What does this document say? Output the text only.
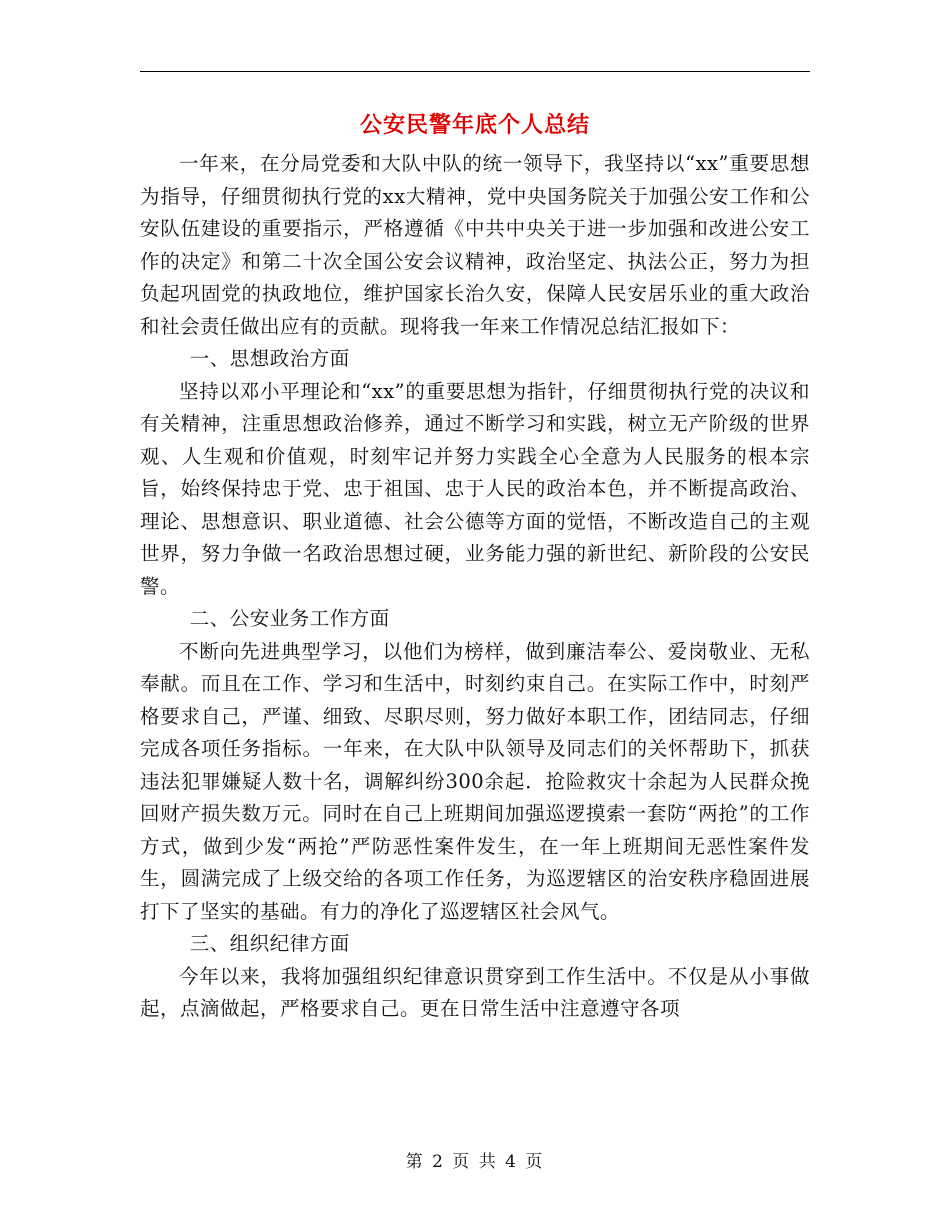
公安民警年底个人总结

一年来，在分局党委和大队中队的统一领导下，我坚持以“xx”重要思想为指导，仔细贯彻执行党的xx大精神，党中央国务院关于加强公安工作和公安队伍建设的重要指示，严格遵循《中共中央关于进一步加强和改进公安工作的决定》和第二十次全国公安会议精神，政治坚定、执法公正，努力为担负起巩固党的执政地位，维护国家长治久安，保障人民安居乐业的重大政治和社会责任做出应有的贡献。现将我一年来工作情况总结汇报如下：

一、思想政治方面

坚持以邓小平理论和“xx”的重要思想为指针，仔细贯彻执行党的决议和有关精神，注重思想政治修养，通过不断学习和实践，树立无产阶级的世界观、人生观和价值观，时刻牢记并努力实践全心全意为人民服务的根本宗旨，始终保持忠于党、忠于祖国、忠于人民的政治本色，并不断提高政治、理论、思想意识、职业道德、社会公德等方面的觉悟，不断改造自己的主观世界，努力争做一名政治思想过硬，业务能力强的新世纪、新阶段的公安民警。

二、公安业务工作方面

不断向先进典型学习，以他们为榜样，做到廉洁奉公、爱岗敬业、无私奉献。而且在工作、学习和生活中，时刻约束自己。在实际工作中，时刻严格要求自己，严谨、细致、尽职尽则，努力做好本职工作，团结同志，仔细完成各项任务指标。一年来，在大队中队领导及同志们的关怀帮助下，抓获违法犯罪嫌疑人数十名，调解纠纷300余起．抢险救灾十余起为人民群众挽回财产损失数万元。同时在自己上班期间加强巡逻摸索一套防“两抢”的工作方式，做到少发“两抢”严防恶性案件发生，在一年上班期间无恶性案件发生，圆满完成了上级交给的各项工作任务，为巡逻辖区的治安秩序稳固进展打下了坚实的基础。有力的净化了巡逻辖区社会风气。

三、组织纪律方面

今年以来，我将加强组织纪律意识贯穿到工作生活中。不仅是从小事做起，点滴做起，严格要求自己。更在日常生活中注意遵守各项

第 2 页 共 4 页
